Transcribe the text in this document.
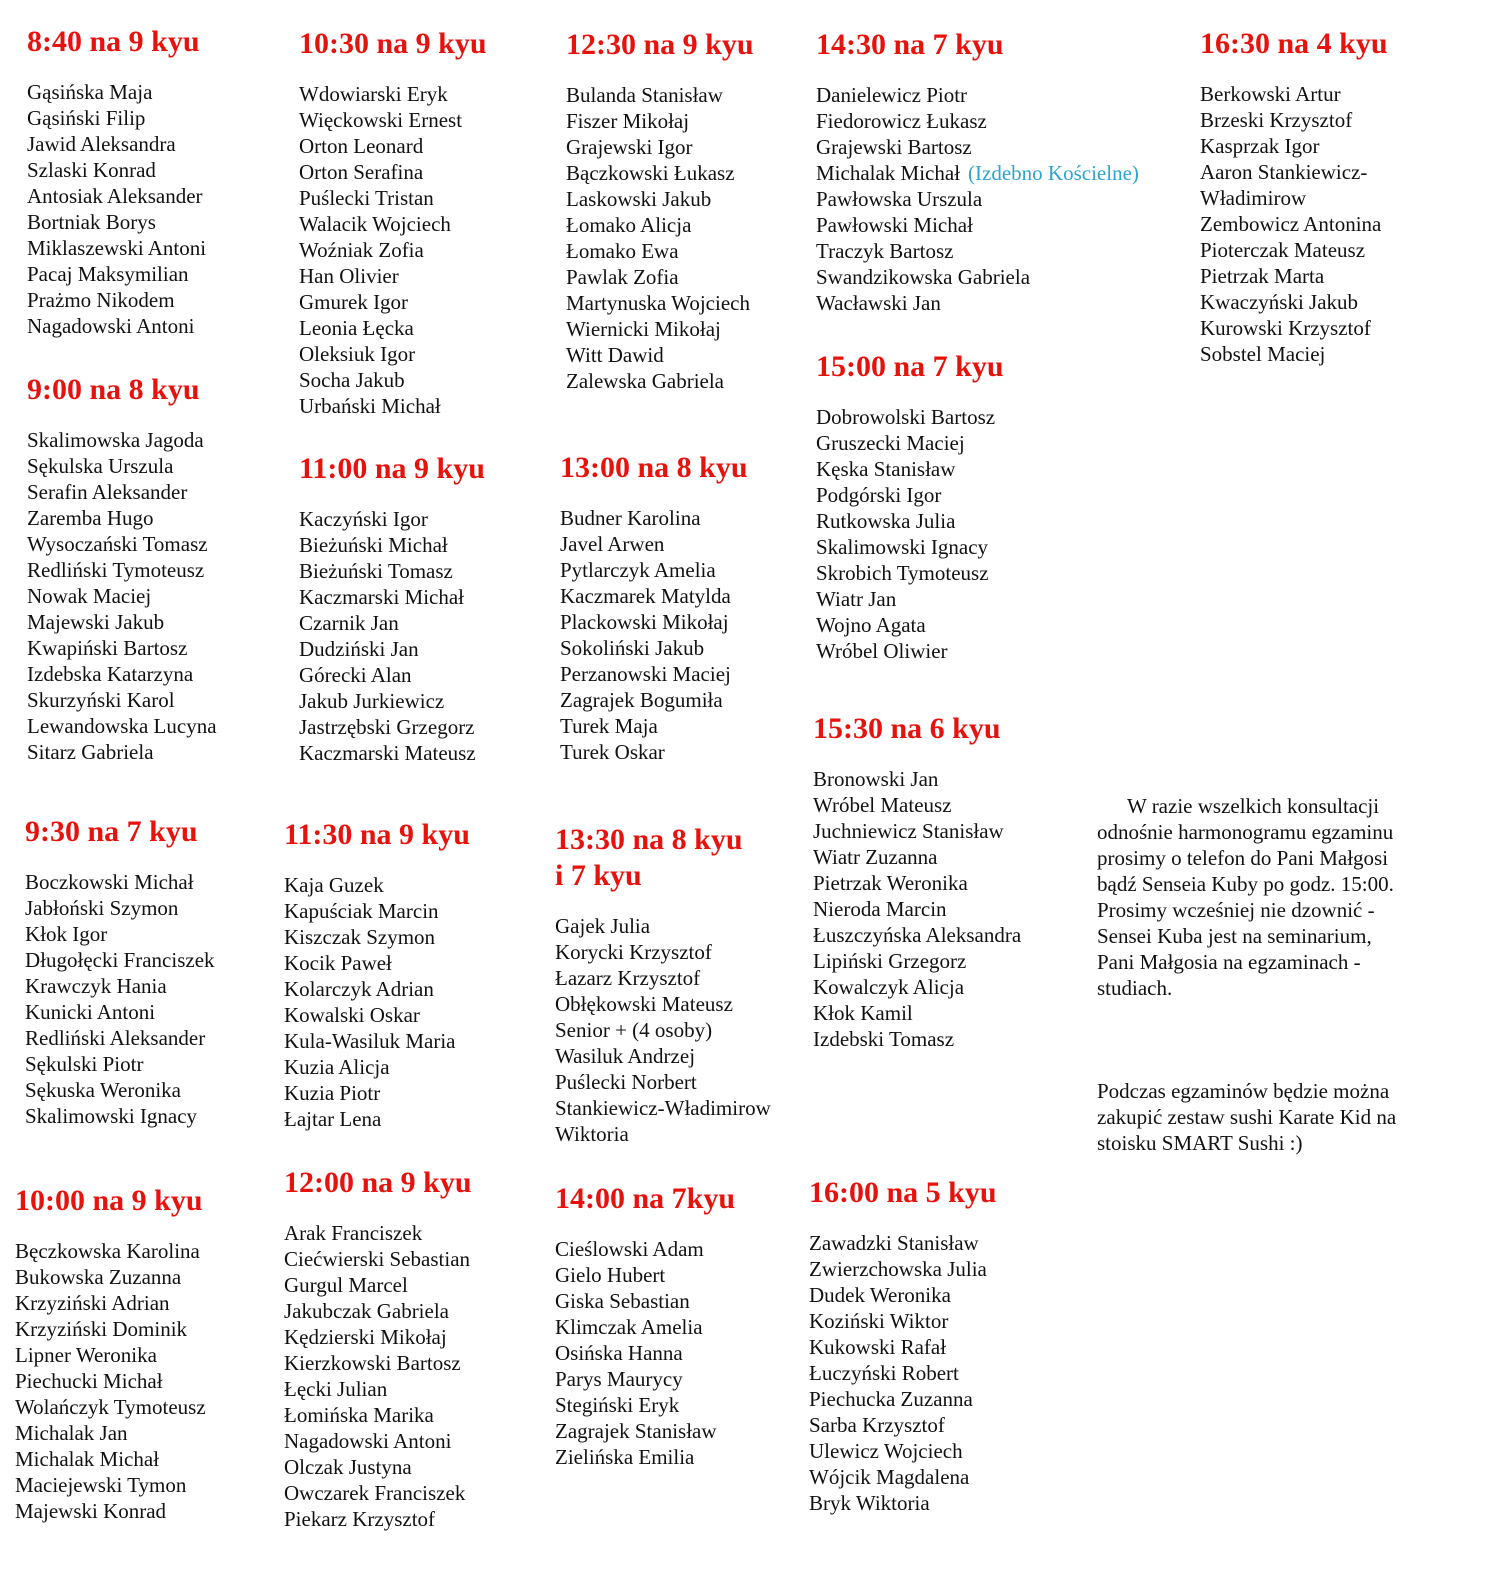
8:40 na 9 kyu
Gąsińska Maja
Gąsiński Filip
Jawid Aleksandra
Szlaski Konrad
Antosiak Aleksander
Bortniak Borys
Miklaszewski Antoni
Pacaj Maksymilian
Prażmo Nikodem
Nagadowski Antoni
9:00 na 8 kyu
Skalimowska Jagoda
Sękulska Urszula
Serafin Aleksander
Zaremba Hugo
Wysoczański Tomasz
Redliński Tymoteusz
Nowak Maciej
Majewski Jakub
Kwapiński Bartosz
Izdebska Katarzyna
Skurzyński Karol
Lewandowska Lucyna
Sitarz Gabriela
9:30 na 7 kyu
Boczkowski Michał
Jabłoński Szymon
Kłok Igor
Długołęcki Franciszek
Krawczyk Hania
Kunicki Antoni
Redliński Aleksander
Sękulski Piotr
Sękuska Weronika
Skalimowski Ignacy
10:00 na 9 kyu
Bęczkowska Karolina
Bukowska Zuzanna
Krzyziński Adrian
Krzyziński Dominik
Lipner Weronika
Piechucki Michał
Wolańczyk Tymoteusz
Michalak Jan
Michalak Michał
Maciejewski Tymon
Majewski Konrad
10:30 na 9 kyu
Wdowiarski Eryk
Więckowski Ernest
Orton Leonard
Orton Serafina
Puślecki Tristan
Walacik Wojciech
Woźniak Zofia
Han Olivier
Gmurek Igor
Leonia Łęcka
Oleksiuk Igor
Socha Jakub
Urbański Michał
11:00 na 9 kyu
Kaczyński Igor
Bieżuński Michał
Bieżuński Tomasz
Kaczmarski Michał
Czarnik Jan
Dudziński Jan
Górecki Alan
Jakub Jurkiewicz
Jastrzębski Grzegorz
Kaczmarski Mateusz
11:30 na 9 kyu
Kaja Guzek
Kapuściak Marcin
Kiszczak Szymon
Kocik Paweł
Kolarczyk Adrian
Kowalski Oskar
Kula-Wasiluk Maria
Kuzia Alicja
Kuzia Piotr
Łajtar Lena
12:00 na 9 kyu
Arak Franciszek
Ciećwierski Sebastian
Gurgul Marcel
Jakubczak Gabriela
Kędzierski Mikołaj
Kierzkowski Bartosz
Łęcki Julian
Łomińska Marika
Nagadowski Antoni
Olczak Justyna
Owczarek Franciszek
Piekarz Krzysztof
12:30 na 9 kyu
Bulanda Stanisław
Fiszer Mikołaj
Grajewski Igor
Bączkowski Łukasz
Laskowski Jakub
Łomako Alicja
Łomako Ewa
Pawlak Zofia
Martynuska Wojciech
Wiernicki Mikołaj
Witt Dawid
Zalewska Gabriela
13:00 na 8 kyu
Budner Karolina
Javel Arwen
Pytlarczyk Amelia
Kaczmarek Matylda
Plackowski Mikołaj
Sokoliński Jakub
Perzanowski Maciej
Zagrajek Bogumiła
Turek Maja
Turek Oskar
13:30 na 8 kyu
i 7 kyu
Gajek Julia
Korycki Krzysztof
Łazarz Krzysztof
Obłękowski Mateusz
Senior + (4 osoby)
Wasiluk Andrzej
Puślecki Norbert
Stankiewicz-Władimirow
Wiktoria
14:00 na 7kyu
Cieślowski Adam
Gielo Hubert
Giska Sebastian
Klimczak Amelia
Osińska Hanna
Parys Maurycy
Stegiński Eryk
Zagrajek Stanisław
Zielińska Emilia
14:30 na 7 kyu
Danielewicz Piotr
Fiedorowicz Łukasz
Grajewski Bartosz
Michalak Michał (Izdebno Kościelne)
Pawłowska Urszula
Pawłowski Michał
Traczyk Bartosz
Swandzikowska Gabriela
Wacławski Jan
15:00 na 7 kyu
Dobrowolski Bartosz
Gruszecki Maciej
Kęska Stanisław
Podgórski Igor
Rutkowska Julia
Skalimowski Ignacy
Skrobich Tymoteusz
Wiatr Jan
Wojno Agata
Wróbel Oliwier
15:30 na 6 kyu
Bronowski Jan
Wróbel Mateusz
Juchniewicz Stanisław
Wiatr Zuzanna
Pietrzak Weronika
Nieroda Marcin
Łuszczyńska Aleksandra
Lipiński Grzegorz
Kowalczyk Alicja
Kłok Kamil
Izdebski Tomasz
16:00 na 5 kyu
Zawadzki Stanisław
Zwierzchowska Julia
Dudek Weronika
Koziński Wiktor
Kukowski Rafał
Łuczyński Robert
Piechucka Zuzanna
Sarba Krzysztof
Ulewicz Wojciech
Wójcik Magdalena
Bryk Wiktoria
16:30 na 4 kyu
Berkowski Artur
Brzeski Krzysztof
Kasprzak Igor
Aaron Stankiewicz-
Władimirow
Zembowicz Antonina
Pioterczak Mateusz
Pietrzak Marta
Kwaczyński Jakub
Kurowski Krzysztof
Sobstel Maciej

W razie wszelkich konsultacji

odnośnie harmonogramu egzaminu

prosimy o telefon do Pani Małgosi

bądź Senseia Kuby po godz. 15:00.

Prosimy wcześniej nie dzownić -

Sensei Kuba jest na seminarium,

Pani Małgosia na egzaminach -

studiach.

Podczas egzaminów będzie można

zakupić zestaw sushi Karate Kid na

stoisku SMART Sushi :)
